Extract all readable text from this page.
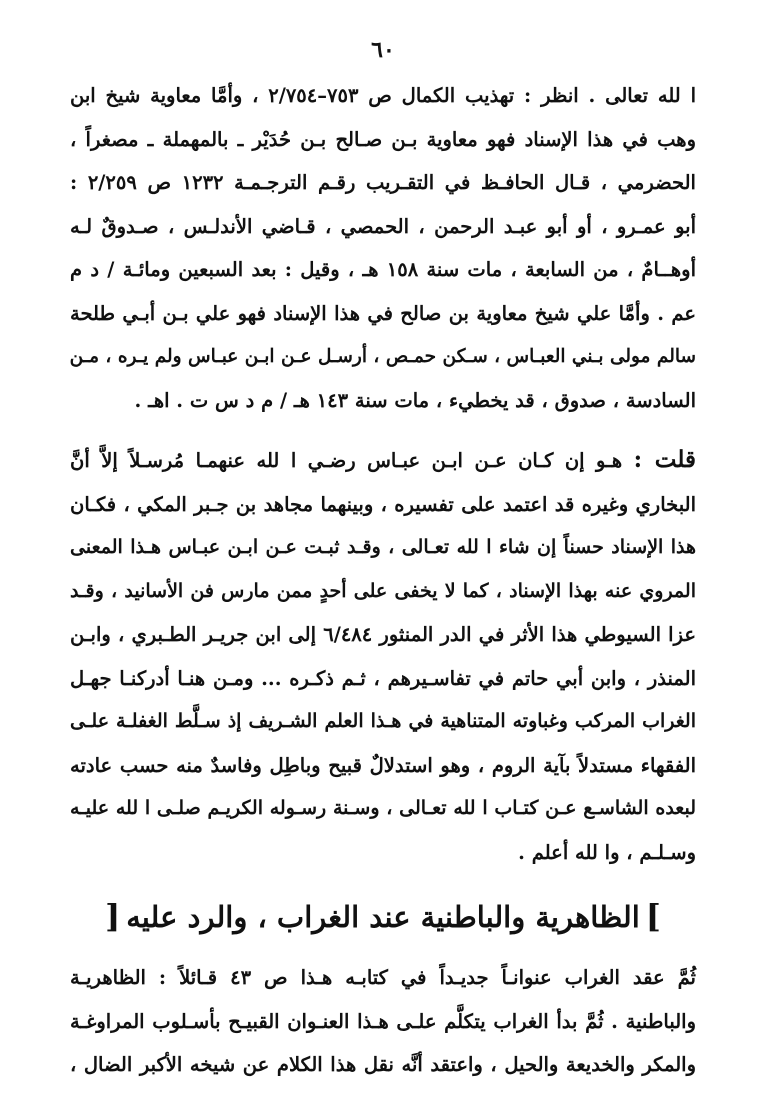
٦٠

ا لله تعالى . انظر : تهذيب الكمال ص ٧٥٣–٢/٧٥٤ ، وأمَّا معاوية شيخ ابن

وهب في هذا الإسناد فهو معاوية بـن صـالح بـن حُدَيْر ـ بالمهملة ـ مصغراً ،

الحضرمي ، قـال الحافـظ في التقـريب رقـم الترجـمـة ١٢٣٢ ص ٢/٢٥٩ :

أبو عمـرو ، أو أبو عبـد الرحمن ، الحمصي ، قـاضي الأندلـس ، صـدوقٌ لـه

أوهــامٌ ، من السابعة ، مات سنة ١٥٨ هـ ، وقيل : بعد السبعين ومائـة / د م

عم . وأمَّا علي شيخ معاوية بن صالح في هذا الإسناد فهو علي بـن أبـي طلحة

سالم مولى بـني العبـاس ، سـكن حمـص ، أرسـل عـن ابـن عبـاس ولم يـره ، مـن

السادسة ، صدوق ، قد يخطيء ، مات سنة ١٤٣ هـ / م د س ت . اهـ .

قلت : هـو إن كـان عـن ابـن عبـاس رضـي ا لله عنهمـا مُرسـلاً إلاَّ أنَّ

البخاري وغيره قد اعتمد على تفسيره ، وبينهما مجاهد بن جـبر المكي ، فكـان

هذا الإسناد حسناً إن شاء ا لله تعـالى ، وقـد ثبـت عـن ابـن عبـاس هـذا المعنى

المروي عنه بهذا الإسناد ، كما لا يخفى على أحدٍ ممن مارس فن الأسانيد ، وقـد

عزا السيوطي هذا الأثر في الدر المنثور ٦/٤٨٤ إلى ابن جريـر الطـبري ، وابـن

المنذر ، وابن أبي حاتم في تفاسـيرهم ، ثـم ذكـره ... ومـن هنـا أدركنـا جهـل

الغراب المركب وغباوته المتناهية في هـذا العلم الشـريف إذ سـلَّط الغفلـة علـى

الفقهاء مستدلاً بآية الروم ، وهو استدلالٌ قبيح وباطِل وفاسدٌ منه حسب عادته

لبعده الشاسـع عـن كتـاب ا لله تعـالى ، وسـنة رسـوله الكريـم صلـى ا لله عليـه

وسـلـم ، وا لله أعلم .

]الظاهرية والباطنية عند الغراب ، والرد عليه[

ثُمَّ عقد الغراب عنوانـاً جديـداً في كتابـه هـذا ص ٤٣ قـائلاً : الظاهريـة

والباطنية . ثُمَّ بدأ الغراب يتكلَّم علـى هـذا العنـوان القبيـح بأسـلوب المراوغـة

والمكر والخديعة والحيل ، واعتقد أنَّه نقل هذا الكلام عن شيخه الأكبر الضال ،
